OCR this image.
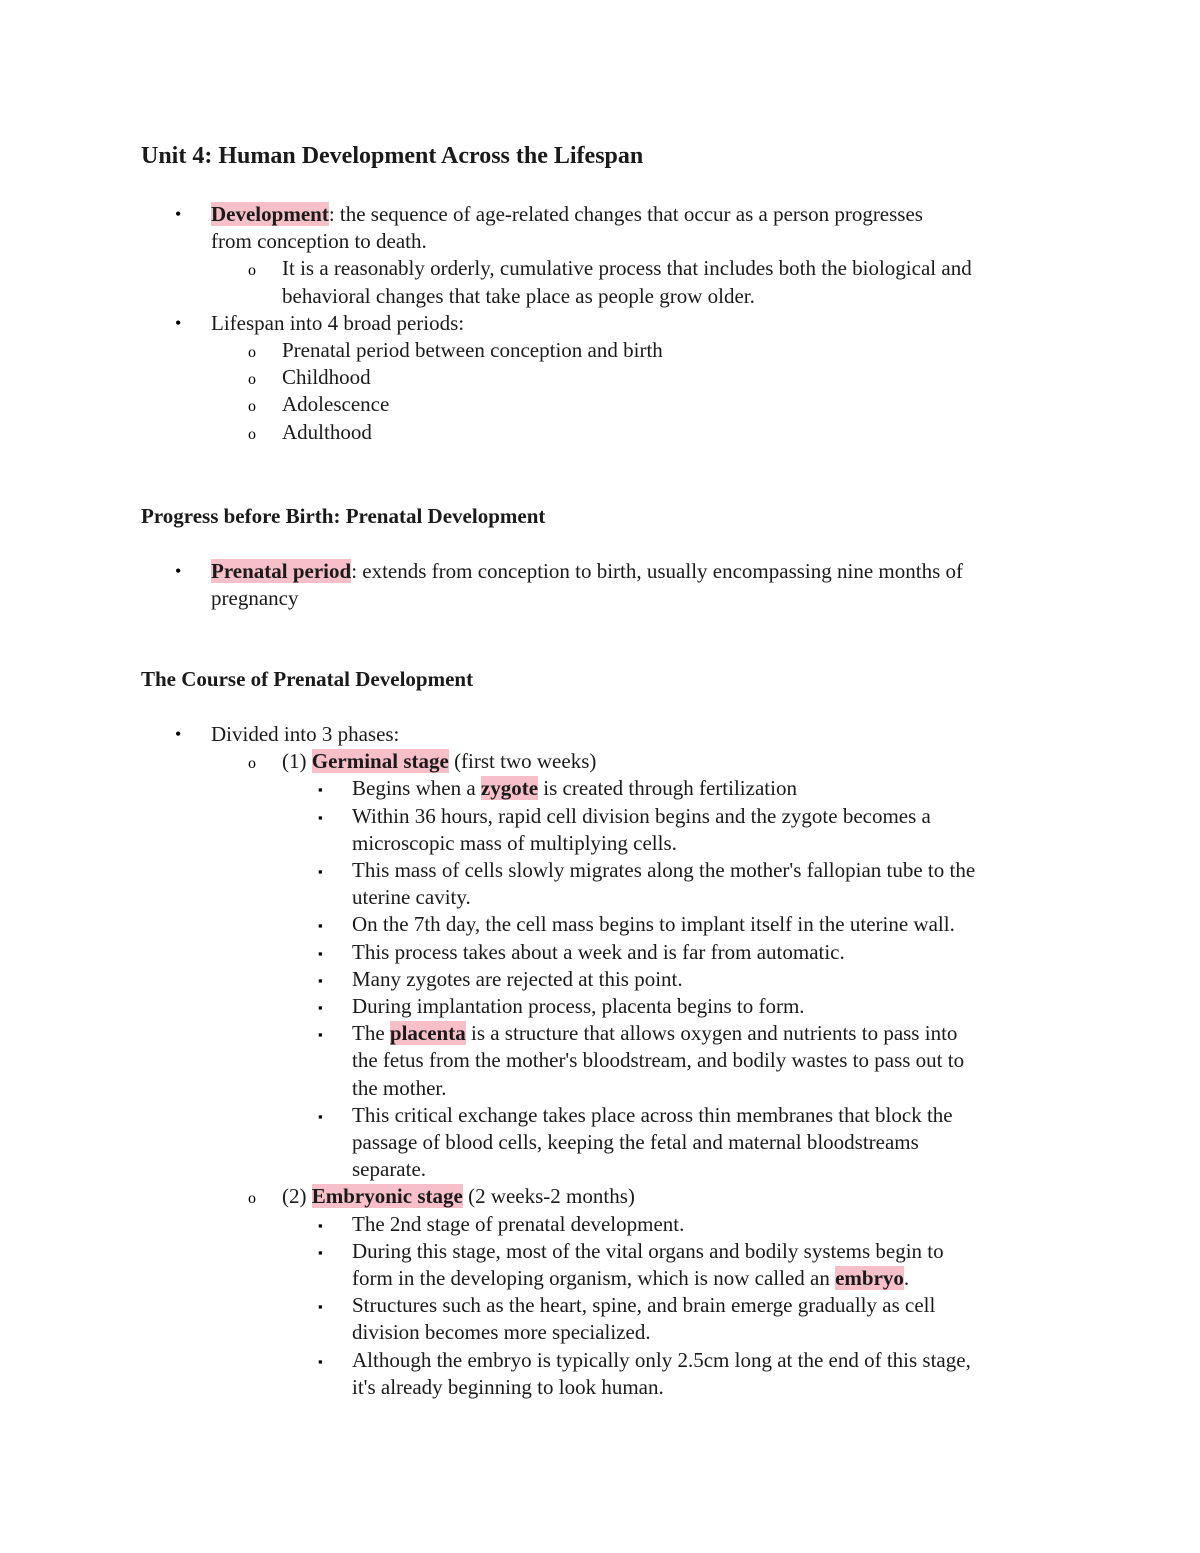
Unit 4: Human Development Across the Lifespan
• Development: the sequence of age-related changes that occur as a person progresses
from conception to death.
o It is a reasonably orderly, cumulative process that includes both the biological and
behavioral changes that take place as people grow older.
• Lifespan into 4 broad periods:
o Prenatal period between conception and birth
o Childhood
o Adolescence
o Adulthood
Progress before Birth: Prenatal Development
• Prenatal period: extends from conception to birth, usually encompassing nine months of
pregnancy
The Course of Prenatal Development
• Divided into 3 phases:
o (1) Germinal stage (first two weeks)
▪ Begins when a zygote is created through fertilization
▪ Within 36 hours, rapid cell division begins and the zygote becomes a
microscopic mass of multiplying cells.
▪ This mass of cells slowly migrates along the mother's fallopian tube to the
uterine cavity.
▪ On the 7th day, the cell mass begins to implant itself in the uterine wall.
▪ This process takes about a week and is far from automatic.
▪ Many zygotes are rejected at this point.
▪ During implantation process, placenta begins to form.
▪ The placenta is a structure that allows oxygen and nutrients to pass into
the fetus from the mother's bloodstream, and bodily wastes to pass out to
the mother.
▪ This critical exchange takes place across thin membranes that block the
passage of blood cells, keeping the fetal and maternal bloodstreams
separate.
o (2) Embryonic stage (2 weeks-2 months)
▪ The 2nd stage of prenatal development.
▪ During this stage, most of the vital organs and bodily systems begin to
form in the developing organism, which is now called an embryo.
▪ Structures such as the heart, spine, and brain emerge gradually as cell
division becomes more specialized.
▪ Although the embryo is typically only 2.5cm long at the end of this stage,
it's already beginning to look human.
